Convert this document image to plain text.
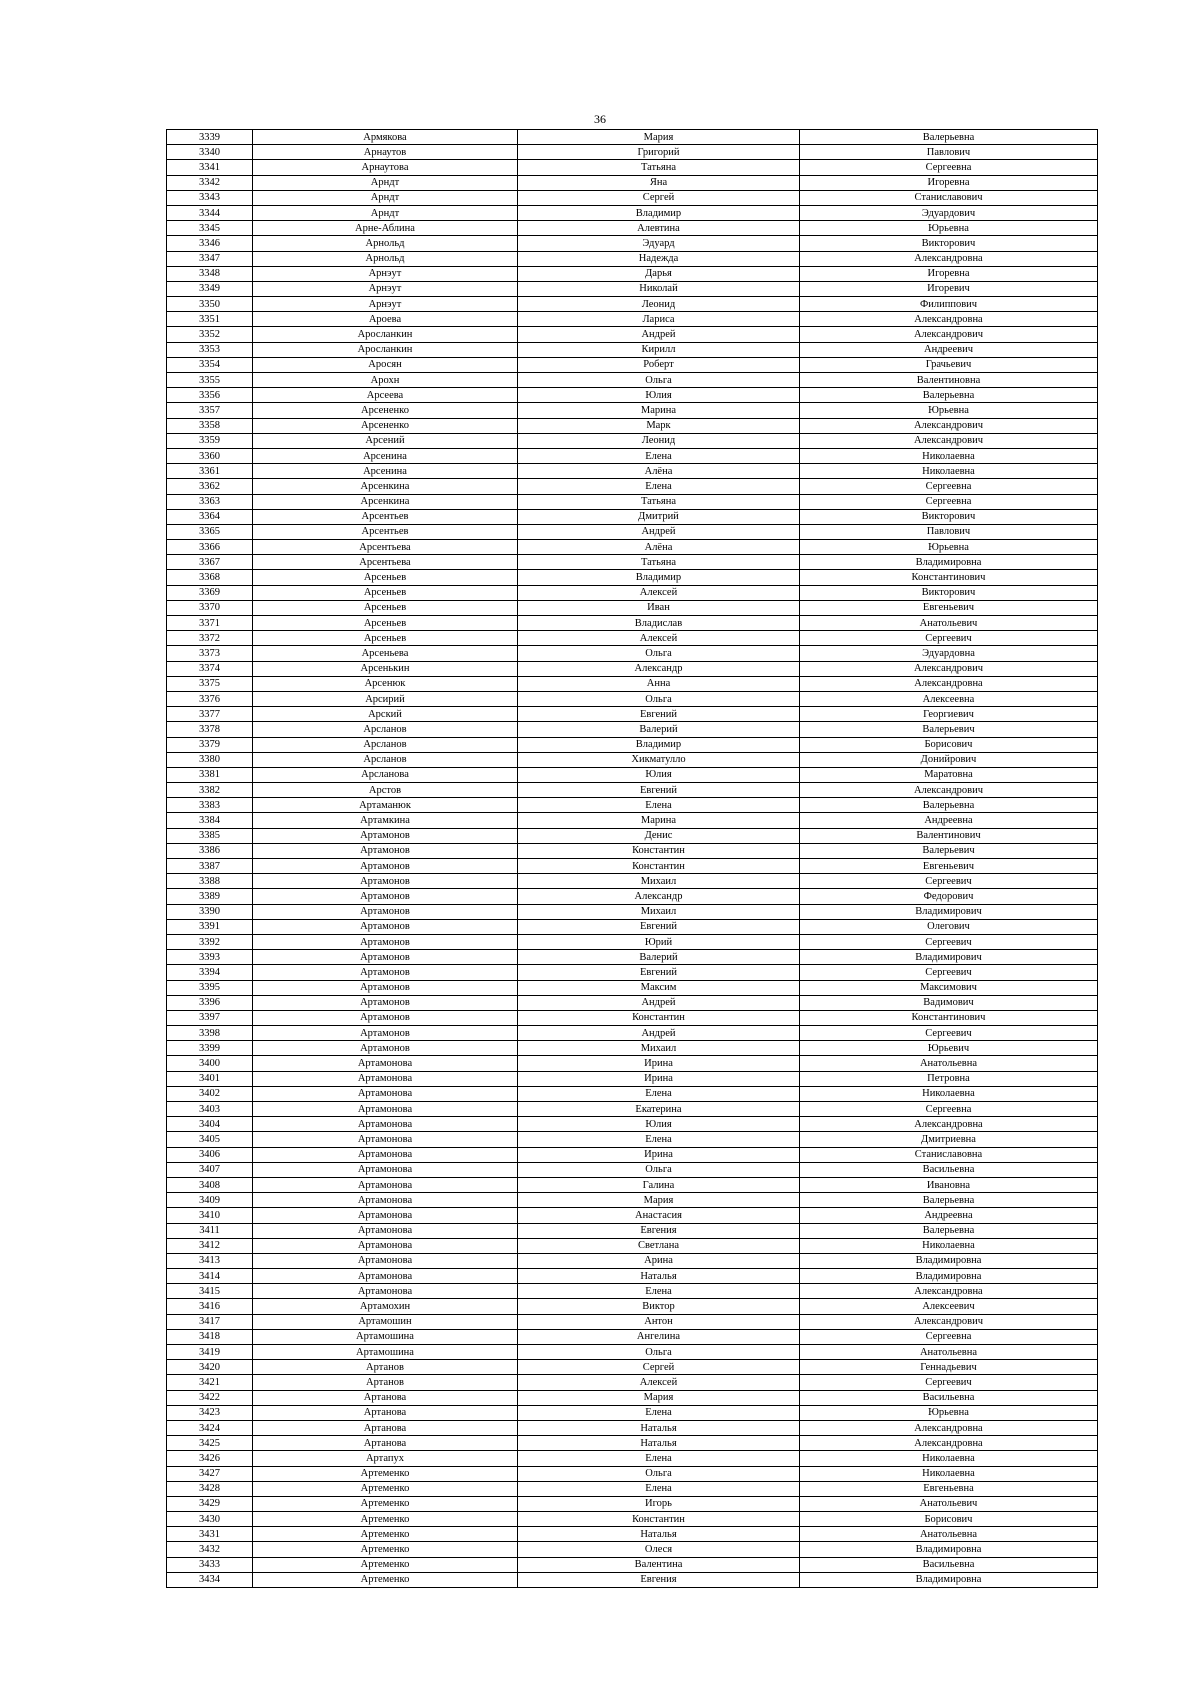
36
3339	Армякова	Мария	Валерьевна
3340	Арнаутов	Григорий	Павлович
3341	Арнаутова	Татьяна	Сергеевна
3342	Арндт	Яна	Игоревна
3343	Арндт	Сергей	Станиславович
3344	Арндт	Владимир	Эдуардович
3345	Арне-Аблина	Алевтина	Юрьевна
3346	Арнольд	Эдуард	Викторович
3347	Арнольд	Надежда	Александровна
3348	Арнэут	Дарья	Игоревна
3349	Арнэут	Николай	Игоревич
3350	Арнэут	Леонид	Филиппович
3351	Ароева	Лариса	Александровна
3352	Аросланкин	Андрей	Александрович
3353	Аросланкин	Кирилл	Андреевич
3354	Аросян	Роберт	Грачьевич
3355	Арохн	Ольга	Валентиновна
3356	Арсеева	Юлия	Валерьевна
3357	Арсененко	Марина	Юрьевна
3358	Арсененко	Марк	Александрович
3359	Арсений	Леонид	Александрович
3360	Арсенина	Елена	Николаевна
3361	Арсенина	Алёна	Николаевна
3362	Арсенкина	Елена	Сергеевна
3363	Арсенкина	Татьяна	Сергеевна
3364	Арсентьев	Дмитрий	Викторович
3365	Арсентьев	Андрей	Павлович
3366	Арсентьева	Алёна	Юрьевна
3367	Арсентьева	Татьяна	Владимировна
3368	Арсеньев	Владимир	Константинович
3369	Арсеньев	Алексей	Викторович
3370	Арсеньев	Иван	Евгеньевич
3371	Арсеньев	Владислав	Анатольевич
3372	Арсеньев	Алексей	Сергеевич
3373	Арсеньева	Ольга	Эдуардовна
3374	Арсенькин	Александр	Александрович
3375	Арсенюк	Анна	Александровна
3376	Арсирий	Ольга	Алексеевна
3377	Арский	Евгений	Георгиевич
3378	Арсланов	Валерий	Валерьевич
3379	Арсланов	Владимир	Борисович
3380	Арсланов	Хикматулло	Донийрович
3381	Арсланова	Юлия	Маратовна
3382	Арстов	Евгений	Александрович
3383	Артаманюк	Елена	Валерьевна
3384	Артамкина	Марина	Андреевна
3385	Артамонов	Денис	Валентинович
3386	Артамонов	Константин	Валерьевич
3387	Артамонов	Константин	Евгеньевич
3388	Артамонов	Михаил	Сергеевич
3389	Артамонов	Александр	Федорович
3390	Артамонов	Михаил	Владимирович
3391	Артамонов	Евгений	Олегович
3392	Артамонов	Юрий	Сергеевич
3393	Артамонов	Валерий	Владимирович
3394	Артамонов	Евгений	Сергеевич
3395	Артамонов	Максим	Максимович
3396	Артамонов	Андрей	Вадимович
3397	Артамонов	Константин	Константинович
3398	Артамонов	Андрей	Сергеевич
3399	Артамонов	Михаил	Юрьевич
3400	Артамонова	Ирина	Анатольевна
3401	Артамонова	Ирина	Петровна
3402	Артамонова	Елена	Николаевна
3403	Артамонова	Екатерина	Сергеевна
3404	Артамонова	Юлия	Александровна
3405	Артамонова	Елена	Дмитриевна
3406	Артамонова	Ирина	Станиславовна
3407	Артамонова	Ольга	Васильевна
3408	Артамонова	Галина	Ивановна
3409	Артамонова	Мария	Валерьевна
3410	Артамонова	Анастасия	Андреевна
3411	Артамонова	Евгения	Валерьевна
3412	Артамонова	Светлана	Николаевна
3413	Артамонова	Арина	Владимировна
3414	Артамонова	Наталья	Владимировна
3415	Артамонова	Елена	Александровна
3416	Артамохин	Виктор	Алексеевич
3417	Артамошин	Антон	Александрович
3418	Артамошина	Ангелина	Сергеевна
3419	Артамошина	Ольга	Анатольевна
3420	Артанов	Сергей	Геннадьевич
3421	Артанов	Алексей	Сергеевич
3422	Артанова	Мария	Васильевна
3423	Артанова	Елена	Юрьевна
3424	Артанова	Наталья	Александровна
3425	Артанова	Наталья	Александровна
3426	Артапух	Елена	Николаевна
3427	Артеменко	Ольга	Николаевна
3428	Артеменко	Елена	Евгеньевна
3429	Артеменко	Игорь	Анатольевич
3430	Артеменко	Константин	Борисович
3431	Артеменко	Наталья	Анатольевна
3432	Артеменко	Олеся	Владимировна
3433	Артеменко	Валентина	Васильевна
3434	Артеменко	Евгения	Владимировна
